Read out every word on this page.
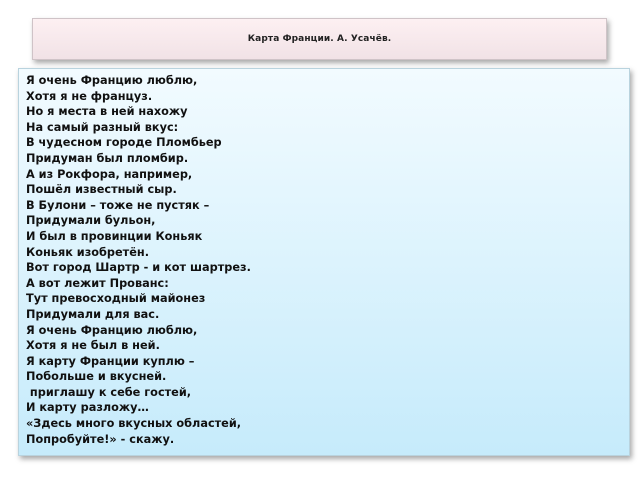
Карта Франции. А. Усачёв.
Я очень Францию люблю,
Хотя я не француз.
Но я места в ней нахожу
На самый разный вкус:
В чудесном городе Пломбьер
Придуман был пломбир.
А из Рокфора, например,
Пошёл известный сыр.
В Булони – тоже не пустяк –
Придумали бульон,
И был в провинции Коньяк
Коньяк изобретён.
Вот город Шартр - и кот шартрез.
А вот лежит Прованс:
Тут превосходный майонез
Придумали для вас.
Я очень Францию люблю,
Хотя я не был в ней.
Я карту Франции куплю –
Побольше и вкусней.
приглашу к себе гостей,
И карту разложу…
«Здесь много вкусных областей,
Попробуйте!» - скажу.
